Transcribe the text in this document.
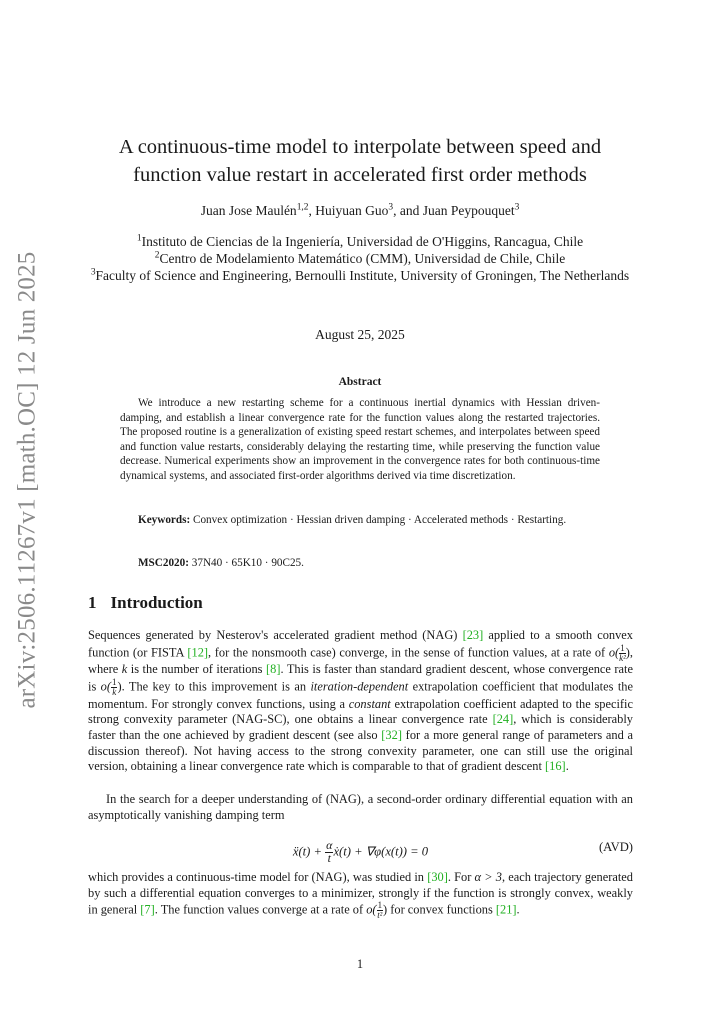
arXiv:2506.11267v1 [math.OC] 12 Jun 2025
A continuous-time model to interpolate between speed and
function value restart in accelerated first order methods
Juan Jose Maulén$^{1,2}$, Huiyuan Guo$^3$, and Juan Peypouquet$^3$
$^1$Instituto de Ciencias de la Ingeniería, Universidad de O'Higgins, Rancagua, Chile
$^2$Centro de Modelamiento Matemático (CMM), Universidad de Chile, Chile
$^3$Faculty of Science and Engineering, Bernoulli Institute, University of Groningen, The Netherlands
August 25, 2025
Abstract
We introduce a new restarting scheme for a continuous inertial dynamics with Hessian driven-damping, and establish a linear convergence rate for the function values along the restarted trajectories. The proposed routine is a generalization of existing speed restart schemes, and interpolates between speed and function value restarts, considerably delaying the restarting time, while preserving the function value decrease. Numerical experiments show an improvement in the convergence rates for both continuous-time dynamical systems, and associated first-order algorithms derived via time discretization.
Keywords: Convex optimization · Hessian driven damping · Accelerated methods · Restarting.
MSC2020: 37N40 · 65K10 · 90C25.
1 Introduction
Sequences generated by Nesterov's accelerated gradient method (NAG) [23] applied to a smooth convex function (or FISTA [12], for the nonsmooth case) converge, in the sense of function values, at a rate of $o( \frac{1}{\text{k²}}$ ), where k is the number of iterations [8]. This is faster than standard gradient descent, whose convergence rate is $o( \frac{1}{k}$ ). The key to this improvement is an iteration-dependent extrapolation coefficient that modulates the momentum. For strongly convex functions, using a constant extrapolation coefficient adapted to the specific strong convexity parameter (NAG-SC), one obtains a linear convergence rate [24], which is considerably faster than the one achieved by gradient descent (see also [32] for a more general range of parameters and a discussion thereof). Not having access to the strong convexity parameter, one can still use the original version, obtaining a linear convergence rate which is comparable to that of gradient descent [16].
In the search for a deeper understanding of (NAG), a second-order ordinary differential equation with an asymptotically vanishing damping term
ẍ(t) + $\frac{\alpha}{t}$ ẋ(t) + ∇φ(x(t)) = 0	(AVD)
which provides a continuous-time model for (NAG), was studied in [30]. For α > 3, each trajectory generated by such a differential equation converges to a minimizer, strongly if the function is strongly convex, weakly in general [7]. The function values converge at a rate of $o( \frac{1}{\text{t²}}$ ) for convex functions [21].
1
